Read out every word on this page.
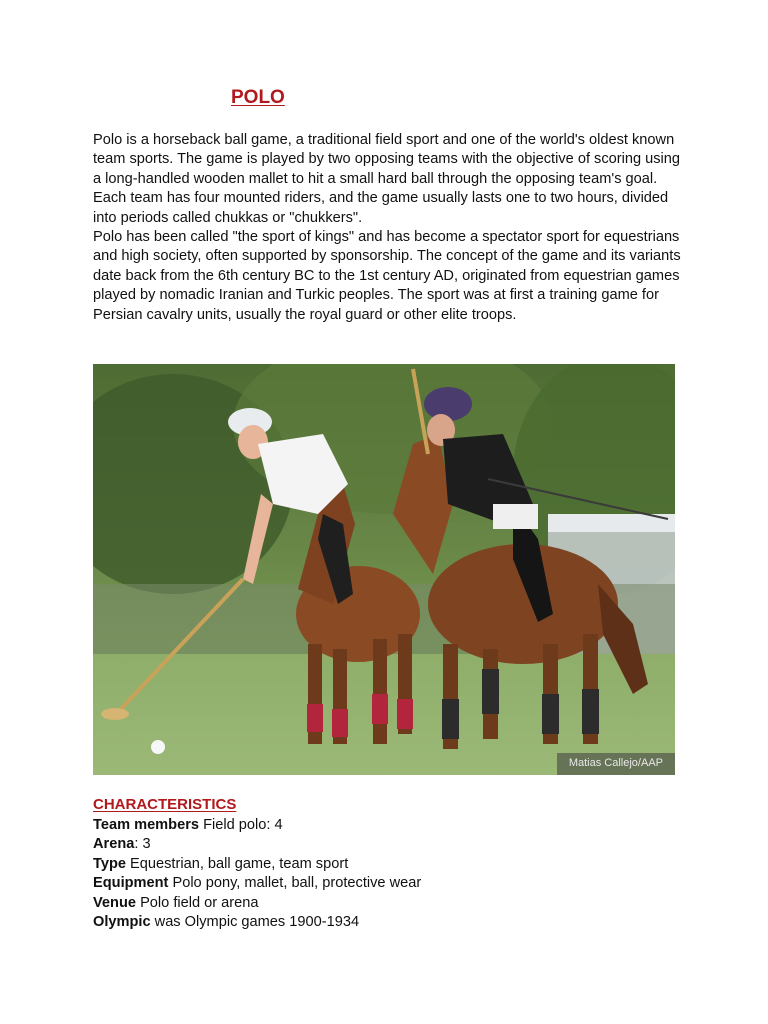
POLO

Polo is a horseback ball game, a traditional field sport and one of the world's oldest known team sports. The game is played by two opposing teams with the objective of scoring using a long-handled wooden mallet to hit a small hard ball through the opposing team's goal. Each team has four mounted riders, and the game usually lasts one to two hours, divided into periods called chukkas or "chukkers".

Polo has been called "the sport of kings" and has become a spectator sport for equestrians and high society, often supported by sponsorship. The concept of the game and its variants date back from the 6th century BC to the 1st century AD, originated from equestrian games played by nomadic Iranian and Turkic peoples. The sport was at first a training game for Persian cavalry units, usually the royal guard or other elite troops.

Matias Callejo/AAP
CHARACTERISTICS
Team members Field polo: 4
Arena: 3
Type Equestrian, ball game, team sport
Equipment Polo pony, mallet, ball, protective wear
Venue Polo field or arena
Olympic was Olympic games 1900-1934
